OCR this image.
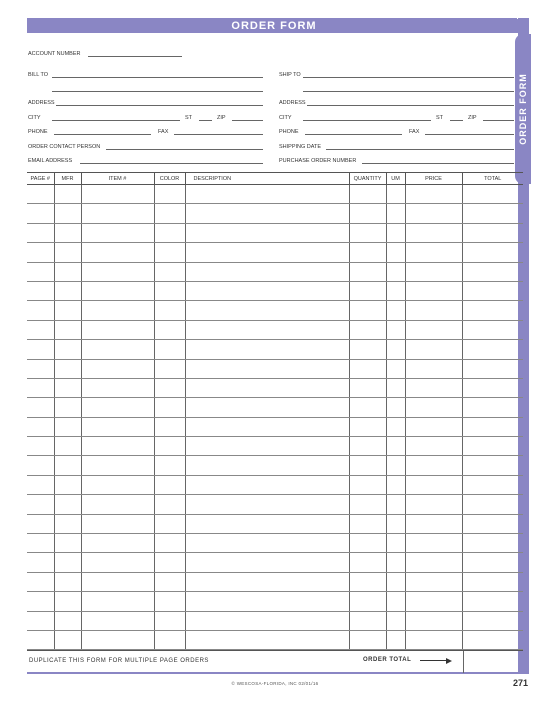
ORDER FORM
ORDER FORM
ACCOUNT NUMBER
BILL TO	SHIP TO
ADDRESS	ADDRESS
CITY	ST	ZIP	CITY	ST	ZIP
PHONE	FAX	PHONE	FAX
ORDER CONTACT PERSON	SHIPPING DATE
EMAIL ADDRESS	PURCHASE ORDER NUMBER
PAGE #	MFR	ITEM #	COLOR	DESCRIPTION	QUANTITY	UM	PRICE	TOTAL

DUPLICATE THIS FORM FOR MULTIPLE PAGE ORDERS	ORDER TOTAL
© WESCOSA-FLORIDA, INC 02/01/16	271
